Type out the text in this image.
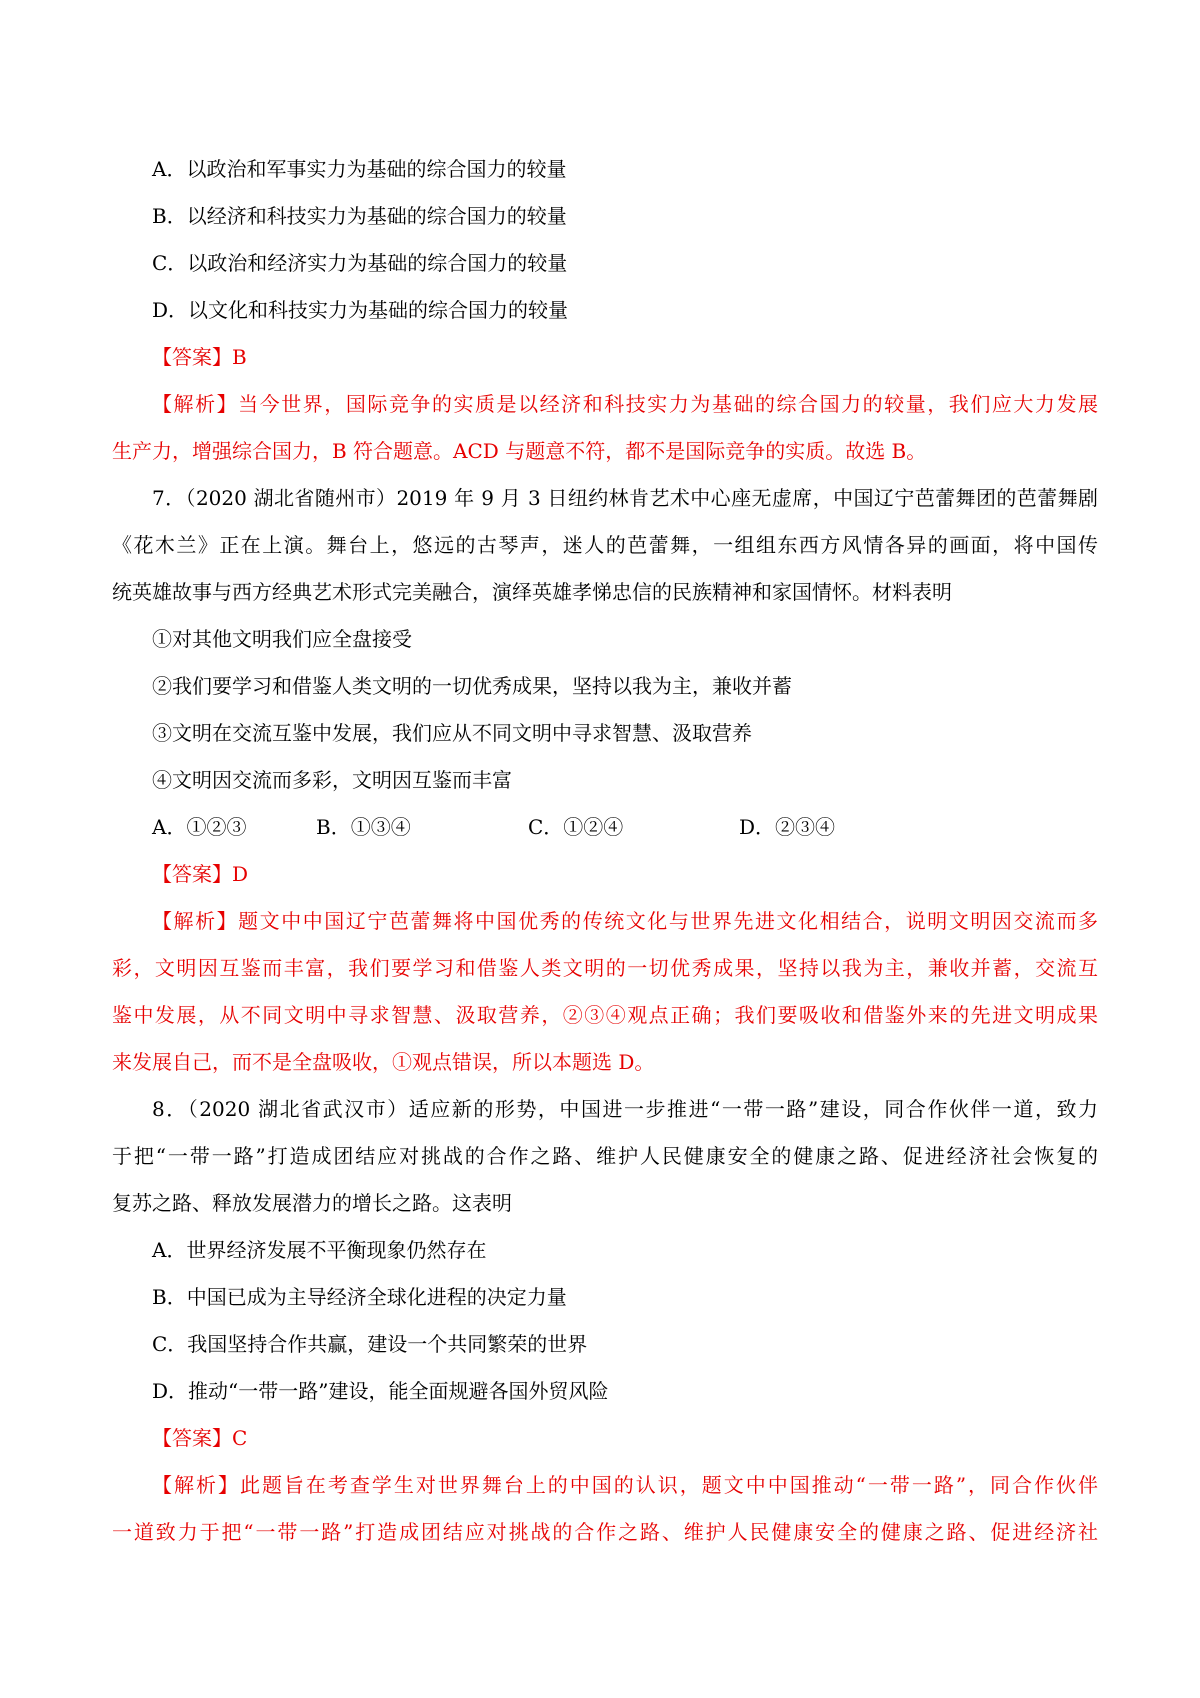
A．以政治和军事实力为基础的综合国力的较量
B．以经济和科技实力为基础的综合国力的较量
C．以政治和经济实力为基础的综合国力的较量
D．以文化和科技实力为基础的综合国力的较量
【答案】B
【解析】当今世界，国际竞争的实质是以经济和科技实力为基础的综合国力的较量，我们应大力发展
生产力，增强综合国力，B 符合题意。ACD 与题意不符，都不是国际竞争的实质。故选 B。
7．（2020 湖北省随州市）2019 年 9 月 3 日纽约林肯艺术中心座无虚席，中国辽宁芭蕾舞团的芭蕾舞剧
《花木兰》正在上演。舞台上，悠远的古琴声，迷人的芭蕾舞，一组组东西方风情各异的画面，将中国传
统英雄故事与西方经典艺术形式完美融合，演绎英雄孝悌忠信的民族精神和家国情怀。材料表明
①对其他文明我们应全盘接受
②我们要学习和借鉴人类文明的一切优秀成果，坚持以我为主，兼收并蓄
③文明在交流互鉴中发展，我们应从不同文明中寻求智慧、汲取营养
④文明因交流而多彩，文明因互鉴而丰富
A．①②③	B．①③④	C．①②④	D．②③④
【答案】D
【解析】题文中中国辽宁芭蕾舞将中国优秀的传统文化与世界先进文化相结合，说明文明因交流而多
彩，文明因互鉴而丰富，我们要学习和借鉴人类文明的一切优秀成果，坚持以我为主，兼收并蓄，交流互
鉴中发展，从不同文明中寻求智慧、汲取营养，②③④观点正确；我们要吸收和借鉴外来的先进文明成果
来发展自己，而不是全盘吸收，①观点错误，所以本题选 D。
8．（2020 湖北省武汉市）适应新的形势，中国进一步推进“一带一路”建设，同合作伙伴一道，致力
于把“一带一路”打造成团结应对挑战的合作之路、维护人民健康安全的健康之路、促进经济社会恢复的
复苏之路、释放发展潜力的增长之路。这表明
A．世界经济发展不平衡现象仍然存在
B．中国已成为主导经济全球化进程的决定力量
C．我国坚持合作共赢，建设一个共同繁荣的世界
D．推动“一带一路”建设，能全面规避各国外贸风险
【答案】C
【解析】此题旨在考查学生对世界舞台上的中国的认识，题文中中国推动“一带一路”，同合作伙伴
一道致力于把“一带一路”打造成团结应对挑战的合作之路、维护人民健康安全的健康之路、促进经济社
